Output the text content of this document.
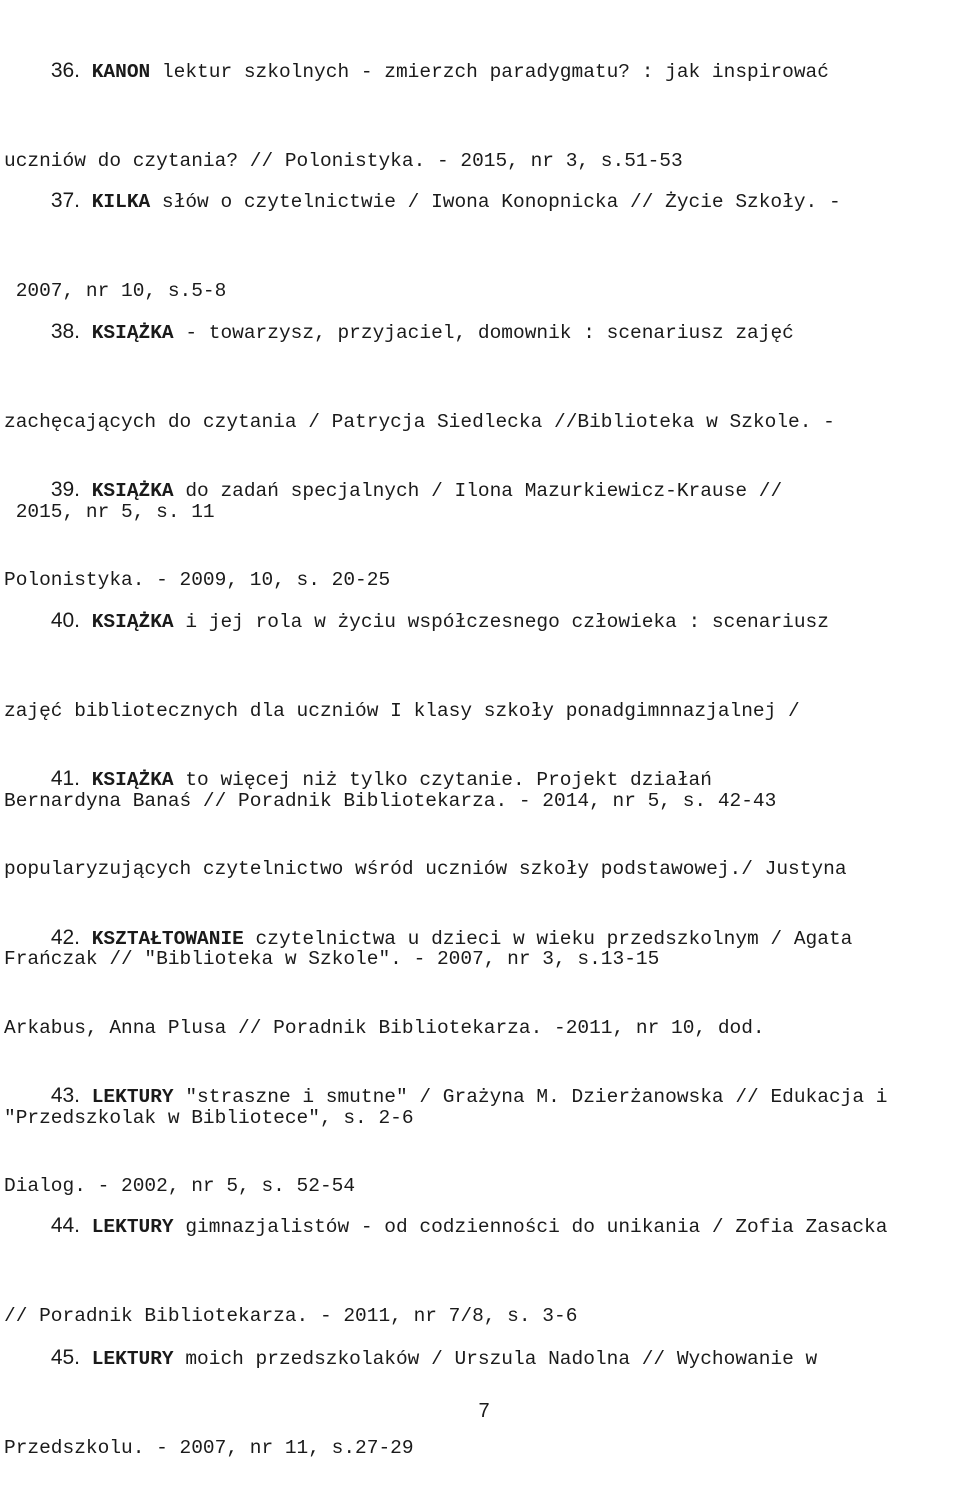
36. KANON lektur szkolnych - zmierzch paradygmatu? : jak inspirować

uczniów do czytania? // Polonistyka. - 2015, nr 3, s.51-53

37. KILKA słów o czytelnictwie / Iwona Konopnicka // Życie Szkoły. -

2007, nr 10, s.5-8

38. KSIĄŻKA - towarzysz, przyjaciel, domownik : scenariusz zajęć

zachęcających do czytania / Patrycja Siedlecka //Biblioteka w Szkole. -

2015, nr 5, s. 11

39. KSIĄŻKA do zadań specjalnych / Ilona Mazurkiewicz-Krause //

Polonistyka. - 2009, 10, s. 20-25

40. KSIĄŻKA i jej rola w życiu współczesnego człowieka : scenariusz

zajęć bibliotecznych dla uczniów I klasy szkoły ponadgimnnazjalnej /

Bernardyna Banaś // Poradnik Bibliotekarza. - 2014, nr 5, s. 42-43

41. KSIĄŻKA to więcej niż tylko czytanie. Projekt działań

popularyzujących czytelnictwo wśród uczniów szkoły podstawowej./ Justyna

Frańczak // "Biblioteka w Szkole". - 2007, nr 3, s.13-15

42. KSZTAŁTOWANIE czytelnictwa u dzieci w wieku przedszkolnym / Agata

Arkabus, Anna Plusa // Poradnik Bibliotekarza. -2011, nr 10, dod.

"Przedszkolak w Bibliotece", s. 2-6

43. LEKTURY "straszne i smutne" / Grażyna M. Dzierżanowska // Edukacja i

Dialog. - 2002, nr 5, s. 52-54

44. LEKTURY gimnazjalistów - od codzienności do unikania / Zofia Zasacka

// Poradnik Bibliotekarza. - 2011, nr 7/8, s. 3-6

45. LEKTURY moich przedszkolaków / Urszula Nadolna // Wychowanie w

Przedszkolu. - 2007, nr 11, s.27-29

7
